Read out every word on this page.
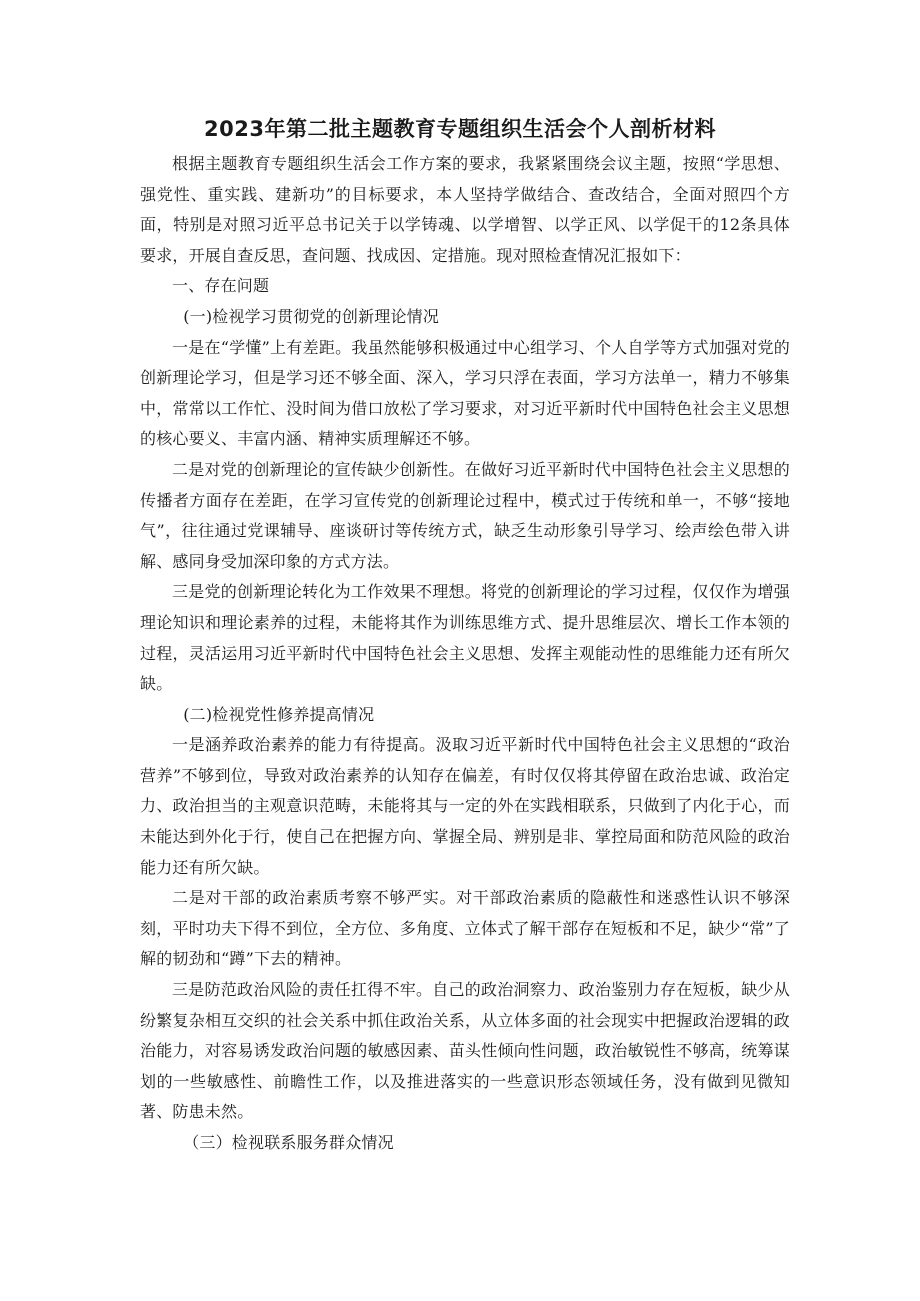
2023年第二批主题教育专题组织生活会个人剖析材料

根据主题教育专题组织生活会工作方案的要求，我紧紧围绕会议主题，按照“学思想、强党性、重实践、建新功”的目标要求，本人坚持学做结合、查改结合，全面对照四个方面，特别是对照习近平总书记关于以学铸魂、以学增智、以学正风、以学促干的12条具体要求，开展自查反思，查问题、找成因、定措施。现对照检查情况汇报如下：

一、存在问题

(一)检视学习贯彻党的创新理论情况

一是在“学懂”上有差距。我虽然能够积极通过中心组学习、个人自学等方式加强对党的创新理论学习，但是学习还不够全面、深入，学习只浮在表面，学习方法单一，精力不够集中，常常以工作忙、没时间为借口放松了学习要求，对习近平新时代中国特色社会主义思想的核心要义、丰富内涵、精神实质理解还不够。

二是对党的创新理论的宣传缺少创新性。在做好习近平新时代中国特色社会主义思想的传播者方面存在差距，在学习宣传党的创新理论过程中，模式过于传统和单一，不够“接地气”，往往通过党课辅导、座谈研讨等传统方式，缺乏生动形象引导学习、绘声绘色带入讲解、感同身受加深印象的方式方法。

三是党的创新理论转化为工作效果不理想。将党的创新理论的学习过程，仅仅作为增强理论知识和理论素养的过程，未能将其作为训练思维方式、提升思维层次、增长工作本领的过程，灵活运用习近平新时代中国特色社会主义思想、发挥主观能动性的思维能力还有所欠缺。

(二)检视党性修养提高情况

一是涵养政治素养的能力有待提高。汲取习近平新时代中国特色社会主义思想的“政治营养”不够到位，导致对政治素养的认知存在偏差，有时仅仅将其停留在政治忠诚、政治定力、政治担当的主观意识范畴，未能将其与一定的外在实践相联系，只做到了内化于心，而未能达到外化于行，使自己在把握方向、掌握全局、辨别是非、掌控局面和防范风险的政治能力还有所欠缺。

二是对干部的政治素质考察不够严实。对干部政治素质的隐蔽性和迷惑性认识不够深刻，平时功夫下得不到位，全方位、多角度、立体式了解干部存在短板和不足，缺少“常”了解的韧劲和“蹲”下去的精神。

三是防范政治风险的责任扛得不牢。自己的政治洞察力、政治鉴别力存在短板，缺少从纷繁复杂相互交织的社会关系中抓住政治关系，从立体多面的社会现实中把握政治逻辑的政治能力，对容易诱发政治问题的敏感因素、苗头性倾向性问题，政治敏锐性不够高，统筹谋划的一些敏感性、前瞻性工作，以及推进落实的一些意识形态领域任务，没有做到见微知著、防患未然。

（三）检视联系服务群众情况
